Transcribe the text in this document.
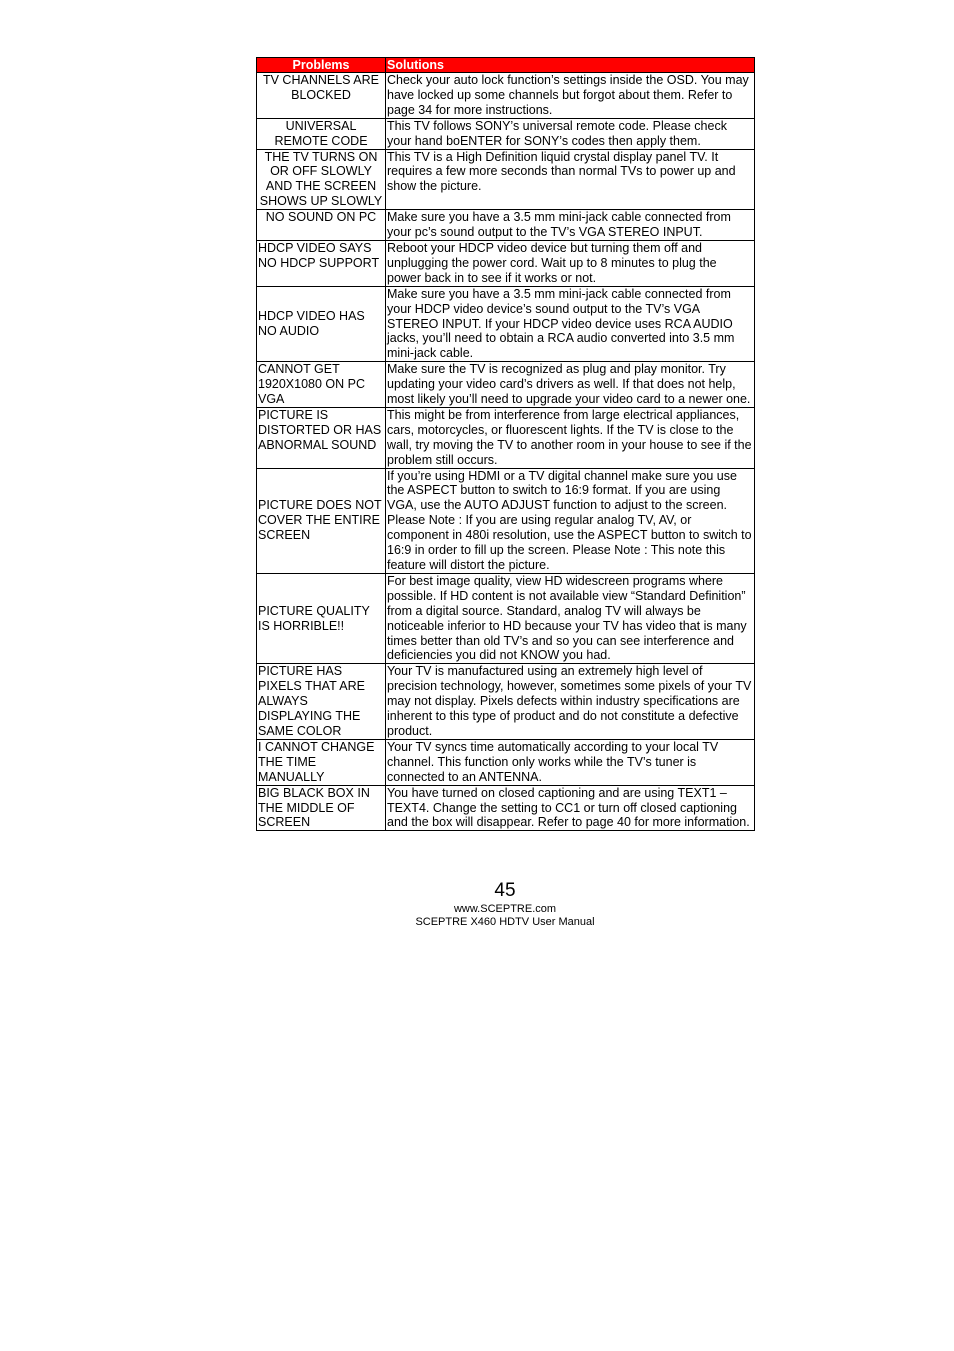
Problems	Solutions
TV CHANNELS ARE BLOCKED	Check your auto lock function’s settings inside the OSD. You may have locked up some channels but forgot about them. Refer to page 34 for more instructions.
UNIVERSAL REMOTE CODE	This TV follows SONY’s universal remote code. Please check your hand boENTER for SONY’s codes then apply them.
THE TV TURNS ON OR OFF SLOWLY AND THE SCREEN SHOWS UP SLOWLY	This TV is a High Definition liquid crystal display panel TV. It requires a few more seconds than normal TVs to power up and show the picture.
NO SOUND ON PC	Make sure you have a 3.5 mm mini-jack cable connected from your pc’s sound output to the TV’s VGA STEREO INPUT.
HDCP VIDEO SAYS NO HDCP SUPPORT	Reboot your HDCP video device but turning them off and unplugging the power cord. Wait up to 8 minutes to plug the power back in to see if it works or not.
HDCP VIDEO HAS NO AUDIO	Make sure you have a 3.5 mm mini-jack cable connected from your HDCP video device’s sound output to the TV’s VGA STEREO INPUT. If your HDCP video device uses RCA AUDIO jacks, you’ll need to obtain a RCA audio converted into 3.5 mm mini-jack cable.
CANNOT GET 1920X1080 ON PC VGA	Make sure the TV is recognized as plug and play monitor. Try updating your video card’s drivers as well. If that does not help, most likely you’ll need to upgrade your video card to a newer one.
PICTURE IS DISTORTED OR HAS ABNORMAL SOUND	This might be from interference from large electrical appliances, cars, motorcycles, or fluorescent lights. If the TV is close to the wall, try moving the TV to another room in your house to see if the problem still occurs.
PICTURE DOES NOT COVER THE ENTIRE SCREEN	If you’re using HDMI or a TV digital channel make sure you use the ASPECT button to switch to 16:9 format. If you are using VGA, use the AUTO ADJUST function to adjust to the screen. Please Note : If you are using regular analog TV, AV, or component in 480i resolution, use the ASPECT button to switch to 16:9 in order to fill up the screen. Please Note : This note this feature will distort the picture.
PICTURE QUALITY IS HORRIBLE!!	For best image quality, view HD widescreen programs where possible. If HD content is not available view “Standard Definition” from a digital source. Standard, analog TV will always be noticeable inferior to HD because your TV has video that is many times better than old TV’s and so you can see interference and deficiencies you did not KNOW you had.
PICTURE HAS PIXELS THAT ARE ALWAYS DISPLAYING THE SAME COLOR	Your TV is manufactured using an extremely high level of precision technology, however, sometimes some pixels of your TV may not display. Pixels defects within industry specifications are inherent to this type of product and do not constitute a defective product.
I CANNOT CHANGE THE TIME MANUALLY	Your TV syncs time automatically according to your local TV channel. This function only works while the TV’s tuner is connected to an ANTENNA.
BIG BLACK BOX IN THE MIDDLE OF SCREEN	You have turned on closed captioning and are using TEXT1 – TEXT4. Change the setting to CC1 or turn off closed captioning and the box will disappear. Refer to page 40 for more information.
45
www.SCEPTRE.com
SCEPTRE X460 HDTV User Manual
